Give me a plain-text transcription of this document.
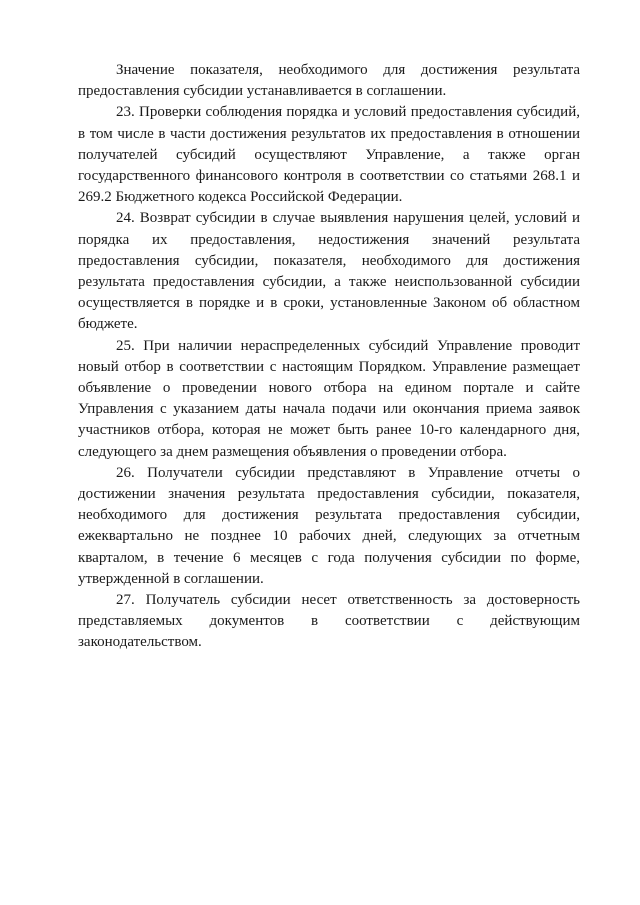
Значение показателя, необходимого для достижения результата предоставления субсидии устанавливается в соглашении.

23. Проверки соблюдения порядка и условий предоставления субсидий, в том числе в части достижения результатов их предоставления в отношении получателей субсидий осуществляют Управление, а также орган государственного финансового контроля в соответствии со статьями 268.1 и 269.2 Бюджетного кодекса Российской Федерации.

24. Возврат субсидии в случае выявления нарушения целей, условий и порядка их предоставления, недостижения значений результата предоставления субсидии, показателя, необходимого для достижения результата предоставления субсидии, а также неиспользованной субсидии осуществляется в порядке и в сроки, установленные Законом об областном бюджете.

25. При наличии нераспределенных субсидий Управление проводит новый отбор в соответствии с настоящим Порядком. Управление размещает объявление о проведении нового отбора на едином портале и сайте Управления с указанием даты начала подачи или окончания приема заявок участников отбора, которая не может быть ранее 10-го календарного дня, следующего за днем размещения объявления о проведении отбора.

26. Получатели субсидии представляют в Управление отчеты о достижении значения результата предоставления субсидии, показателя, необходимого для достижения результата предоставления субсидии, ежеквартально не позднее 10 рабочих дней, следующих за отчетным кварталом, в течение 6 месяцев с года получения субсидии по форме, утвержденной в соглашении.

27. Получатель субсидии несет ответственность за достоверность представляемых документов в соответствии с действующим законодательством.
